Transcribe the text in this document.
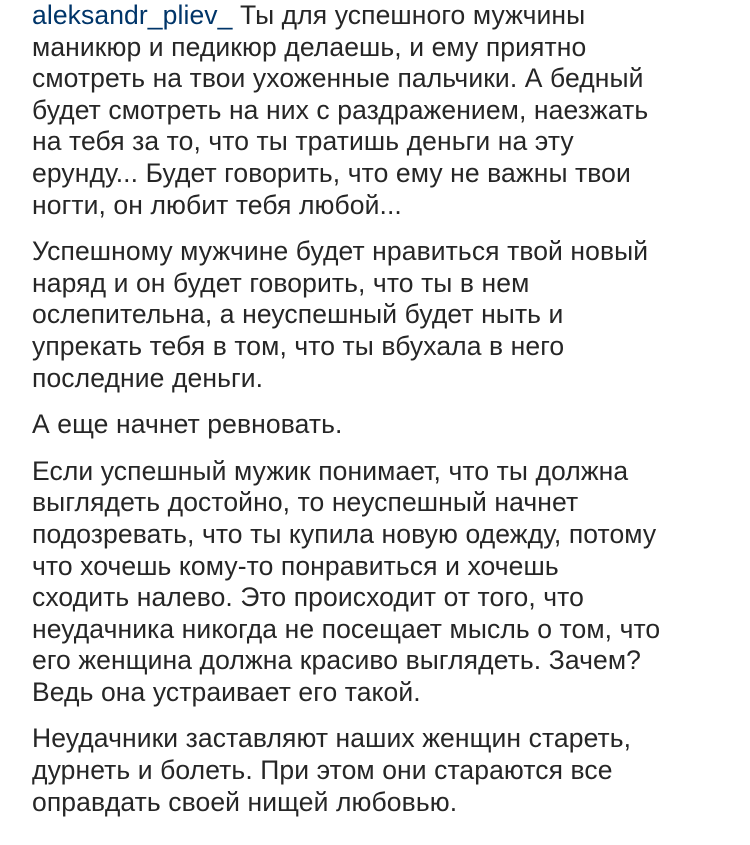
aleksandr_pliev_ Ты для успешного мужчины
маникюр и педикюр делаешь, и ему приятно
смотреть на твои ухоженные пальчики. А бедный
будет смотреть на них с раздражением, наезжать
на тебя за то, что ты тратишь деньги на эту
ерунду... Будет говорить, что ему не важны твои
ногти, он любит тебя любой...

Успешному мужчине будет нравиться твой новый
наряд и он будет говорить, что ты в нем
ослепительна, а неуспешный будет ныть и
упрекать тебя в том, что ты вбухала в него
последние деньги.

А еще начнет ревновать.

Если успешный мужик понимает, что ты должна
выглядеть достойно, то неуспешный начнет
подозревать, что ты купила новую одежду, потому
что хочешь кому-то понравиться и хочешь
сходить налево. Это происходит от того, что
неудачника никогда не посещает мысль о том, что
его женщина должна красиво выглядеть. Зачем?
Ведь она устраивает его такой.

Неудачники заставляют наших женщин стареть,
дурнеть и болеть. При этом они стараются все
оправдать своей нищей любовью.
